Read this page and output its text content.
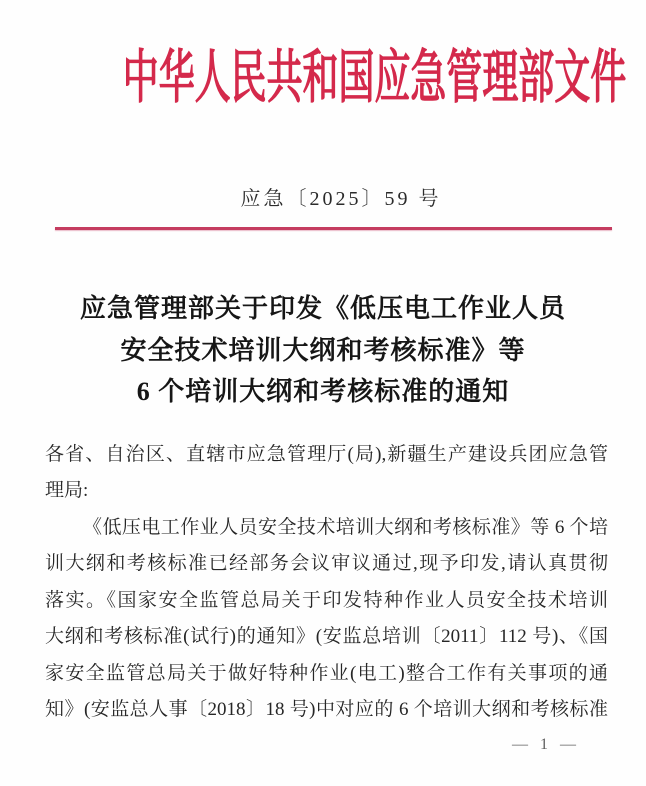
中华人民共和国应急管理部文件
应急〔2025〕59 号
应急管理部关于印发《低压电工作业人员
安全技术培训大纲和考核标准》等
6 个培训大纲和考核标准的通知
各省、自治区、直辖市应急管理厅(局),新疆生产建设兵团应急管
理局:
《低压电工作业人员安全技术培训大纲和考核标准》等 6 个培
训大纲和考核标准已经部务会议审议通过,现予印发,请认真贯彻
落实。《国家安全监管总局关于印发特种作业人员安全技术培训
大纲和考核标准(试行)的通知》(安监总培训〔2011〕112 号)、《国
家安全监管总局关于做好特种作业(电工)整合工作有关事项的通
知》(安监总人事〔2018〕18 号)中对应的 6 个培训大纲和考核标准
— 1 —
